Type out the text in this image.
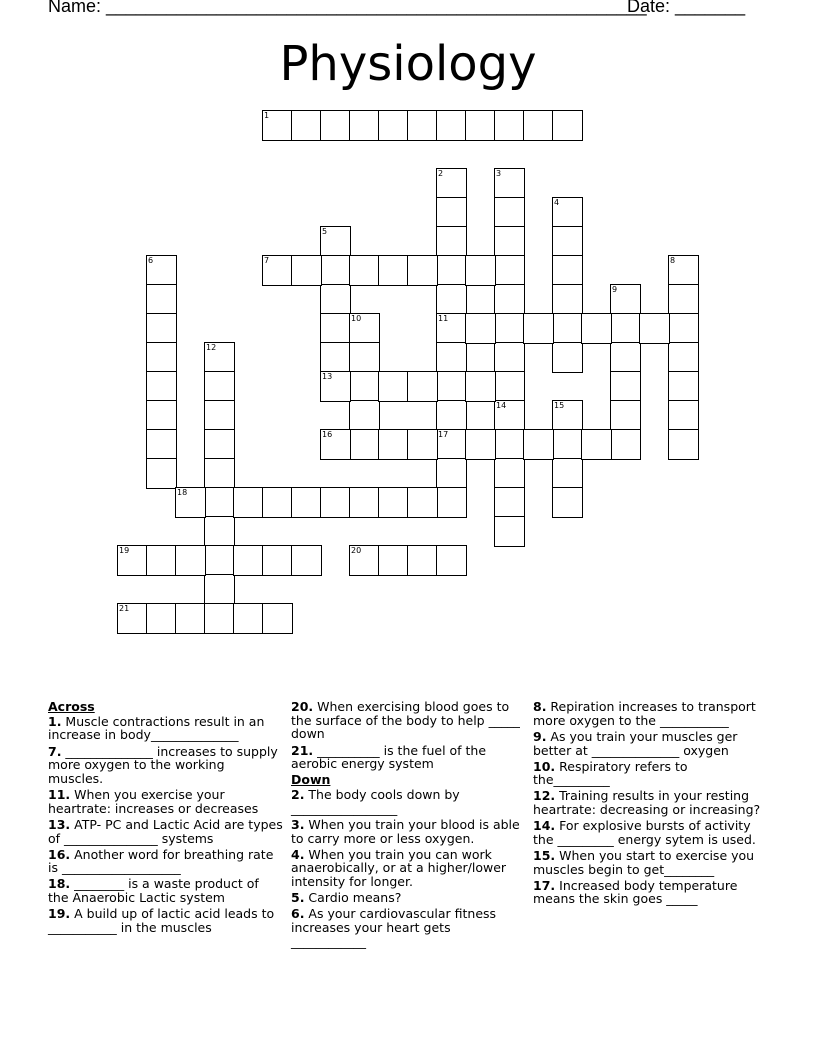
Name: ______________________________________________________
Date: _______
Physiology
1
2
11
17
3
14
4
5
6	7	8
9
10
12
13
15
16
18
19	20
21
Across
1. Muscle contractions result in an increase in body______________
7. ______________ increases to supply more oxygen to the working muscles.
11. When you exercise your heartrate: increases or decreases
13. ATP- PC and Lactic Acid are types of _______________ systems
16. Another word for breathing rate is ___________________
18. ________ is a waste product of the Anaerobic Lactic system
19. A build up of lactic acid leads to ___________ in the muscles
20. When exercising blood goes to the surface of the body to help _____ down
21. __________ is the fuel of the aerobic energy system
Down
2. The body cools down by _________________
3. When you train your blood is able to carry more or less oxygen.
4. When you train you can work anaerobically, or at a higher/lower intensity for longer.
5. Cardio means?
6. As your cardiovascular fitness increases your heart gets ____________
8. Repiration increases to transport more oxygen to the ___________
9. As you train your muscles ger better at ______________ oxygen
10. Respiratory refers to the_________
12. Training results in your resting heartrate: decreasing or increasing?
14. For explosive bursts of activity the _________ energy sytem is used.
15. When you start to exercise you muscles begin to get________
17. Increased body temperature means the skin goes _____
